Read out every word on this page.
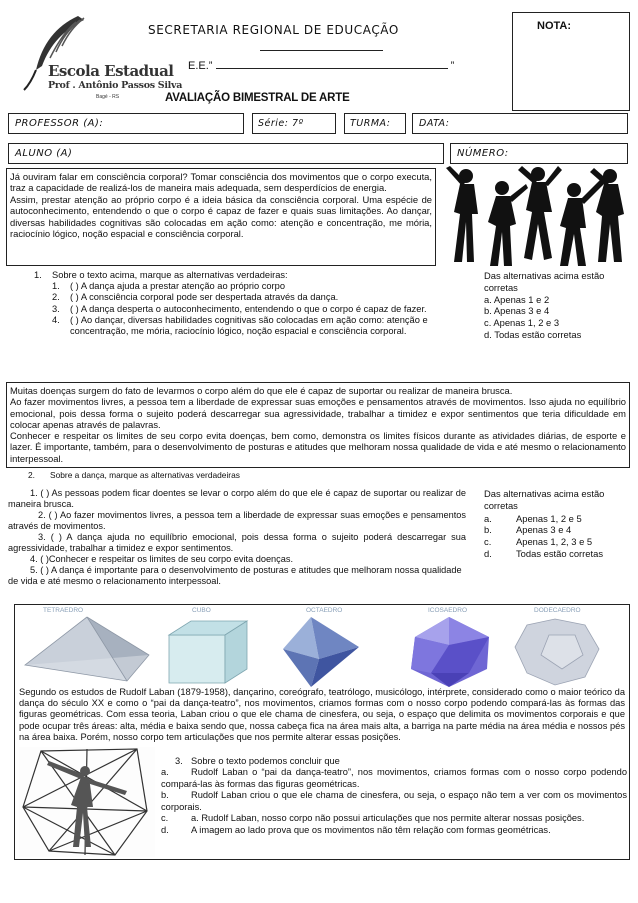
Escola Estadual
Prof . Antônio Passos Silva
Bagé - RS
SECRETARIA REGIONAL DE EDUCAÇÃO
E.E.”	”
AVALIAÇÃO BIMESTRAL DE ARTE
NOTA:
PROFESSOR (A):	Série: 7º	TURMA:	DATA:
ALUNO (A)	NÚMERO:

Já ouviram falar em consciência corporal? Tomar consciência dos movimentos que o corpo executa, traz a capacidade de realizá-los de maneira mais adequada, sem desperdícios de energia.

Assim, prestar atenção ao próprio corpo é a ideia básica da consciência corporal. Uma espécie de autoconhecimento, entendendo o que o corpo é capaz de fazer e quais suas limitações. Ao dançar, diversas habilidades cognitivas são colocadas em ação como: atenção e concentração, me mória, raciocínio lógico, noção espacial e consciência corporal.

1.	Sobre o texto acima, marque as alternativas verdadeiras:
1.	( ) A dança ajuda a prestar atenção ao próprio corpo
2.	( ) A consciência corporal pode ser despertada através da dança.
3.	( ) A dança desperta o autoconhecimento, entendendo o que o corpo é capaz de fazer.
4.	( ) Ao dançar, diversas habilidades cognitivas são colocadas em ação como: atenção e concentração, me mória, raciocínio lógico, noção espacial e consciência corporal.
Das alternativas acima estão corretas
a. Apenas 1 e 2
b. Apenas 3 e 4
c. Apenas 1, 2 e 3
d. Todas estão corretas

Muitas doenças surgem do fato de levarmos o corpo além do que ele é capaz de suportar ou realizar de maneira brusca.

Ao fazer movimentos livres, a pessoa tem a liberdade de expressar suas emoções e pensamentos através de movimentos. Isso ajuda no equilíbrio emocional, pois dessa forma o sujeito poderá descarregar sua agressividade, trabalhar a timidez e expor sentimentos que teria dificuldade em colocar apenas através de palavras.

Conhecer e respeitar os limites de seu corpo evita doenças, bem como, demonstra os limites físicos durante as atividades diárias, de esporte e lazer. É importante, também, para o desenvolvimento de posturas e atitudes que melhoram nossa qualidade de vida e até mesmo o relacionamento interpessoal.

2.	Sobre a dança, marque as alternativas verdadeiras
1. ( ) As pessoas podem ficar doentes se levar o corpo além do que ele é capaz de suportar ou realizar de maneira brusca.
2. ( ) Ao fazer movimentos livres, a pessoa tem a liberdade de expressar suas emoções e pensamentos através de movimentos.
3. ( ) A dança ajuda no equilíbrio emocional, pois dessa forma o sujeito poderá descarregar sua agressividade, trabalhar a timidez e expor sentimentos.
4. ( )Conhecer e respeitar os limites de seu corpo evita doenças.
5. ( ) A dança é importante para o desenvolvimento de posturas e atitudes que melhoram nossa qualidade de vida e até mesmo o relacionamento interpessoal.
Das alternativas acima estão corretas
a.	Apenas 1, 2 e 5
b.	Apenas 3 e 4
c.	Apenas 1, 2, 3 e 5
d.	Todas estão corretas
TETRAEDRO	CUBO	OCTAEDRO	ICOSAEDRO	DODECAEDRO
Segundo os estudos de Rudolf Laban (1879-1958), dançarino, coreógrafo, teatrólogo, musicólogo, intérprete, considerado como o maior teórico da dança do século XX e como o “pai da dança-teatro”, nos movimentos, criamos formas com o nosso corpo podendo compará-las às formas das figuras geométricas. Com essa teoria, Laban criou o que ele chama de cinesfera, ou seja, o espaço que delimita os movimentos corporais e que pode ocupar três áreas: alta, média e baixa sendo que, nossa cabeça fica na área mais alta, a barriga na parte média na área média e nossos pés na área baixa. Porém, nosso corpo tem articulações que nos permite alterar essas posições.
3. Sobre o texto podemos concluir que
a. Rudolf Laban o “pai da dança-teatro”, nos movimentos, criamos formas com o nosso corpo podendo compará-las às formas das figuras geométricas.
b. Rudolf Laban criou o que ele chama de cinesfera, ou seja, o espaço não tem a ver com os movimentos corporais.
c. a. Rudolf Laban, nosso corpo não possui articulações que nos permite alterar nossas posições.
d. A imagem ao lado prova que os movimentos não têm relação com formas geométricas.
